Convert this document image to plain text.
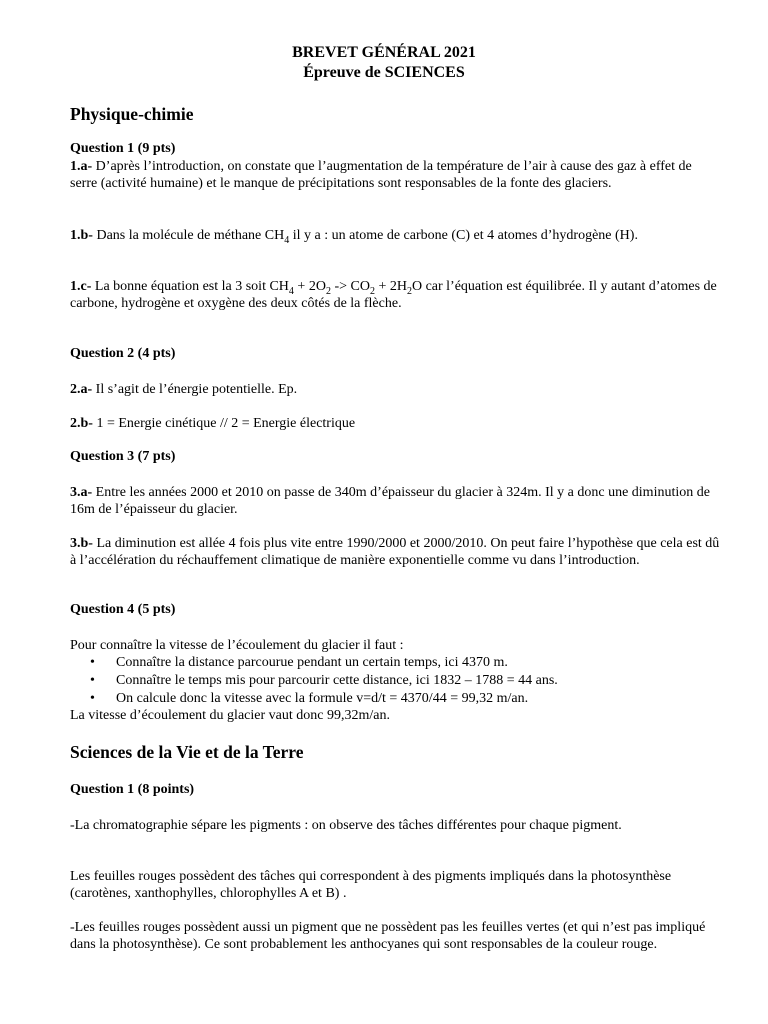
BREVET GÉNÉRAL 2021
Épreuve de SCIENCES
Physique-chimie
Question 1 (9 pts)
1.a- D’après l’introduction, on constate que l’augmentation de la température de l’air à cause des gaz à effet de serre (activité humaine) et le manque de précipitations sont responsables de la fonte des glaciers.
1.b- Dans la molécule de méthane $CH_4$ il y a : un atome de carbone (C) et 4 atomes d’hydrogène (H).
1.c- La bonne équation est la 3 soit $CH_4 + 2O_2 -> CO_2 + 2H_2O$ car l’équation est équilibrée. Il y autant d’atomes de carbone, hydrogène et oxygène des deux côtés de la flèche.
Question 2 (4 pts)
2.a- Il s’agit de l’énergie potentielle. Ep.
2.b- 1 = Energie cinétique // 2 = Energie électrique
Question 3 (7 pts)
3.a- Entre les années 2000 et 2010 on passe de 340m d’épaisseur du glacier à 324m. Il y a donc une diminution de 16m de l’épaisseur du glacier.
3.b- La diminution est allée 4 fois plus vite entre 1990/2000 et 2000/2010. On peut faire l’hypothèse que cela est dû à l’accélération du réchauffement climatique de manière exponentielle comme vu dans l’introduction.
Question 4 (5 pts)
Pour connaître la vitesse de l’écoulement du glacier il faut :
• Connaître la distance parcourue pendant un certain temps, ici 4370 m.
• Connaître le temps mis pour parcourir cette distance, ici 1832 – 1788 = 44 ans.
• On calcule donc la vitesse avec la formule v=d/t = 4370/44 = 99,32 m/an.
La vitesse d’écoulement du glacier vaut donc 99,32m/an.
Sciences de la Vie et de la Terre
Question 1 (8 points)
-La chromatographie sépare les pigments : on observe des tâches différentes pour chaque pigment.
Les feuilles rouges possèdent des tâches qui correspondent à des pigments impliqués dans la photosynthèse (carotènes, xanthophylles, chlorophylles A et B) .
-Les feuilles rouges possèdent aussi un pigment que ne possèdent pas les feuilles vertes (et qui n’est pas impliqué dans la photosynthèse). Ce sont probablement les anthocyanes qui sont responsables de la couleur rouge.
